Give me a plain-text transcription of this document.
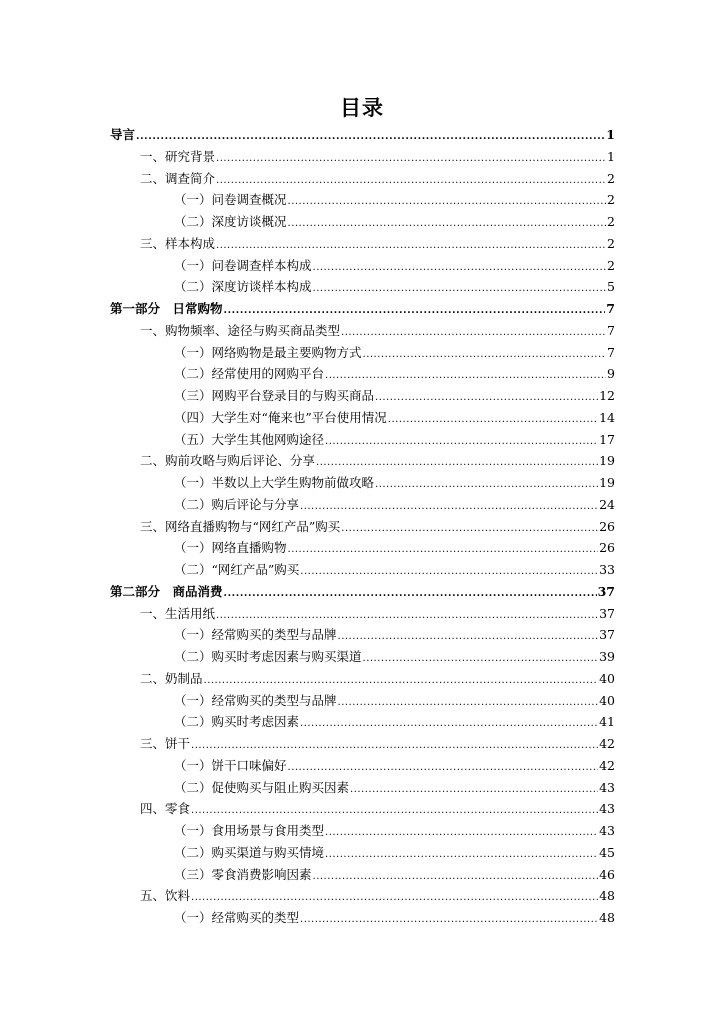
目录
导言 .....	1
一、研究背景 .....	1
二、调查简介 .....	2
（一）问卷调查概况 .....	2
（二）深度访谈概况 .....	2
三、样本构成 .....	2
（一）问卷调查样本构成 .....	2
（二）深度访谈样本构成 .....	5
第一部分　日常购物 .....	7
一、购物频率、途径与购买商品类型 .....	7
（一）网络购物是最主要购物方式 .....	7
（二）经常使用的网购平台 .....	9
（三）网购平台登录目的与购买商品 .....	12
（四）大学生对“俺来也”平台使用情况 .....	14
（五）大学生其他网购途径 .....	17
二、购前攻略与购后评论、分享 .....	19
（一）半数以上大学生购物前做攻略 .....	19
（二）购后评论与分享 .....	24
三、网络直播购物与“网红产品”购买 .....	26
（一）网络直播购物 .....	26
（二）“网红产品”购买 .....	33
第二部分　商品消费 .....	37
一、生活用纸 .....	37
（一）经常购买的类型与品牌 .....	37
（二）购买时考虑因素与购买渠道 .....	39
二、奶制品 .....	40
（一）经常购买的类型与品牌 .....	40
（二）购买时考虑因素 .....	41
三、饼干 .....	42
（一）饼干口味偏好 .....	42
（二）促使购买与阻止购买因素 .....	43
四、零食 .....	43
（一）食用场景与食用类型 .....	43
（二）购买渠道与购买情境 .....	45
（三）零食消费影响因素 .....	46
五、饮料 .....	48
（一）经常购买的类型 .....	48
